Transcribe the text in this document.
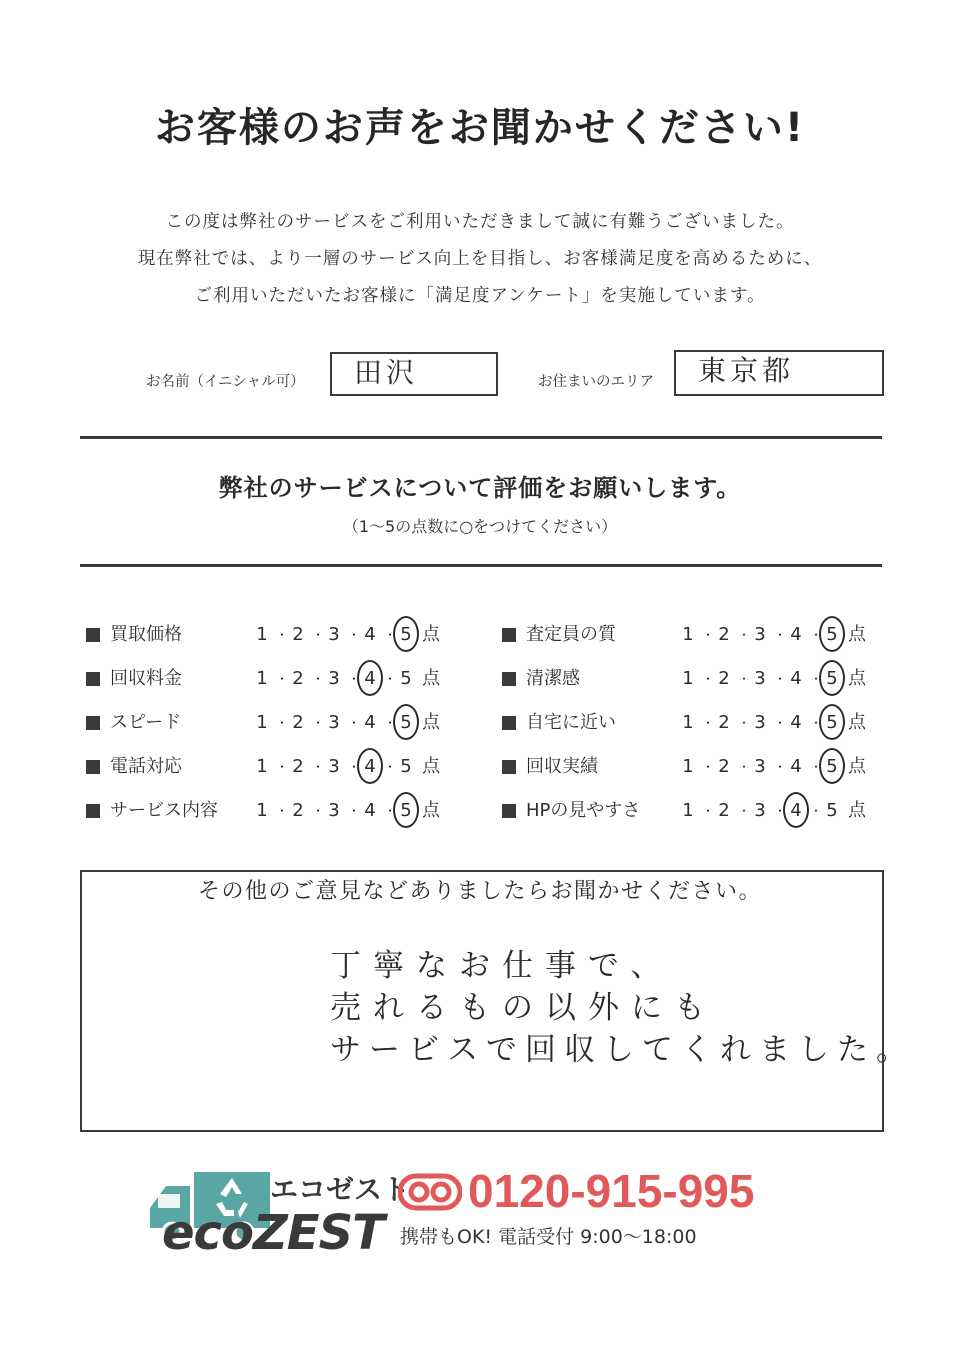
お客様のお声をお聞かせください!
この度は弊社のサービスをご利用いただきまして誠に有難うございました。
現在弊社では、より一層のサービス向上を目指し、お客様満足度を高めるために、
ご利用いただいたお客様に「満足度アンケート」を実施しています。
お名前（イニシャル可）	田沢	お住まいのエリア	東京都
弊社のサービスについて評価をお願いします。
（1〜5の点数に○をつけてください）
買取価格	1 ・ 2 ・ 3 ・ 4 ・ 5 点
回収料金	1 ・ 2 ・ 3 ・ 4 ・ 5 点
スピード	1 ・ 2 ・ 3 ・ 4 ・ 5 点
電話対応	1 ・ 2 ・ 3 ・ 4 ・ 5 点
サービス内容 1 ・ 2 ・ 3 ・ 4 ・ 5 点
査定員の質	1 ・ 2 ・ 3 ・ 4 ・ 5 点
清潔感	1 ・ 2 ・ 3 ・ 4 ・ 5 点
自宅に近い	1 ・ 2 ・ 3 ・ 4 ・ 5 点
回収実績	1 ・ 2 ・ 3 ・ 4 ・ 5 点
HPの見やすさ 1 ・ 2 ・ 3 ・ 4 ・ 5 点
その他のご意見などありましたらお聞かせください。
丁寧なお仕事で、
売れるもの以外にも
サービスで回収してくれました。
エコゼスト
ecoZEST
0120-915-995
携帯もOK! 電話受付 9:00〜18:00
